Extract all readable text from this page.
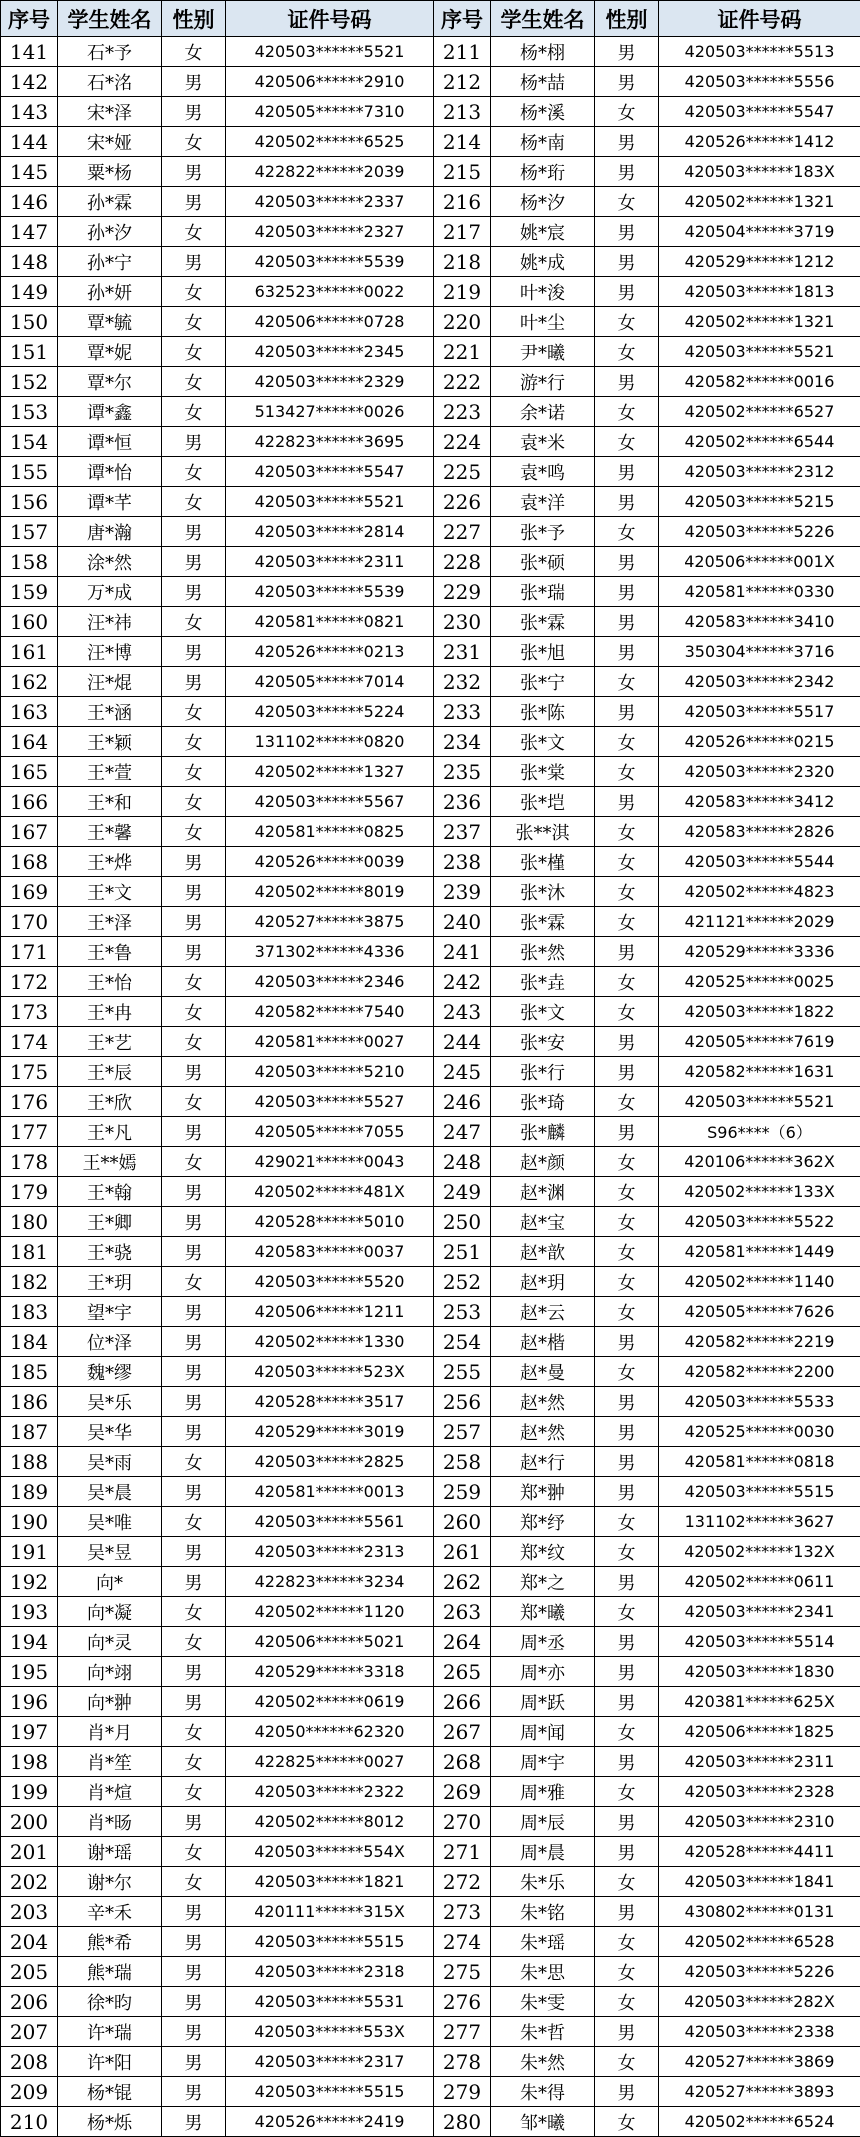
序号	学生姓名	性别	证件号码	序号	学生姓名	性别	证件号码
141	石*予	女	420503******5521	211	杨*栩	男	420503******5513
142	石*洺	男	420506******2910	212	杨*喆	男	420503******5556
143	宋*泽	男	420505******7310	213	杨*溪	女	420503******5547
144	宋*娅	女	420502******6525	214	杨*南	男	420526******1412
145	粟*杨	男	422822******2039	215	杨*珩	男	420503******183X
146	孙*霖	男	420503******2337	216	杨*汐	女	420502******1321
147	孙*汐	女	420503******2327	217	姚*宸	男	420504******3719
148	孙*宁	男	420503******5539	218	姚*成	男	420529******1212
149	孙*妍	女	632523******0022	219	叶*浚	男	420503******1813
150	覃*毓	女	420506******0728	220	叶*尘	女	420502******1321
151	覃*妮	女	420503******2345	221	尹*曦	女	420503******5521
152	覃*尔	女	420503******2329	222	游*行	男	420582******0016
153	谭*鑫	女	513427******0026	223	余*诺	女	420502******6527
154	谭*恒	男	422823******3695	224	袁*米	女	420502******6544
155	谭*怡	女	420503******5547	225	袁*鸣	男	420503******2312
156	谭*芊	女	420503******5521	226	袁*洋	男	420503******5215
157	唐*瀚	男	420503******2814	227	张*予	女	420503******5226
158	涂*然	男	420503******2311	228	张*硕	男	420506******001X
159	万*成	男	420503******5539	229	张*瑞	男	420581******0330
160	汪*祎	女	420581******0821	230	张*霖	男	420583******3410
161	汪*博	男	420526******0213	231	张*旭	男	350304******3716
162	汪*焜	男	420505******7014	232	张*宁	女	420503******2342
163	王*涵	女	420503******5224	233	张*陈	男	420503******5517
164	王*颖	女	131102******0820	234	张*文	女	420526******0215
165	王*萱	女	420502******1327	235	张*棠	女	420503******2320
166	王*和	女	420503******5567	236	张*垲	男	420583******3412
167	王*馨	女	420581******0825	237	张**淇	女	420583******2826
168	王*烨	男	420526******0039	238	张*槿	女	420503******5544
169	王*文	男	420502******8019	239	张*沐	女	420502******4823
170	王*泽	男	420527******3875	240	张*霖	女	421121******2029
171	王*鲁	男	371302******4336	241	张*然	男	420529******3336
172	王*怡	女	420503******2346	242	张*垚	女	420525******0025
173	王*冉	女	420582******7540	243	张*文	女	420503******1822
174	王*艺	女	420581******0027	244	张*安	男	420505******7619
175	王*辰	男	420503******5210	245	张*行	男	420582******1631
176	王*欣	女	420503******5527	246	张*琦	女	420503******5521
177	王*凡	男	420505******7055	247	张*麟	男	S96****（6）
178	王**嫣	女	429021******0043	248	赵*颜	女	420106******362X
179	王*翰	男	420502******481X	249	赵*渊	女	420502******133X
180	王*卿	男	420528******5010	250	赵*宝	女	420503******5522
181	王*骁	男	420583******0037	251	赵*歆	女	420581******1449
182	王*玥	女	420503******5520	252	赵*玥	女	420502******1140
183	望*宇	男	420506******1211	253	赵*云	女	420505******7626
184	位*泽	男	420502******1330	254	赵*楷	男	420582******2219
185	魏*缪	男	420503******523X	255	赵*曼	女	420582******2200
186	吴*乐	男	420528******3517	256	赵*然	男	420503******5533
187	吴*华	男	420529******3019	257	赵*然	男	420525******0030
188	吴*雨	女	420503******2825	258	赵*行	男	420581******0818
189	吴*晨	男	420581******0013	259	郑*翀	男	420503******5515
190	吴*唯	女	420503******5561	260	郑*纾	女	131102******3627
191	吴*昱	男	420503******2313	261	郑*纹	女	420502******132X
192	向*	男	422823******3234	262	郑*之	男	420502******0611
193	向*凝	女	420502******1120	263	郑*曦	女	420503******2341
194	向*灵	女	420506******5021	264	周*丞	男	420503******5514
195	向*翊	男	420529******3318	265	周*亦	男	420503******1830
196	向*翀	男	420502******0619	266	周*跃	男	420381******625X
197	肖*月	女	42050******62320	267	周*闻	女	420506******1825
198	肖*笙	女	422825******0027	268	周*宇	男	420503******2311
199	肖*煊	女	420503******2322	269	周*雅	女	420503******2328
200	肖*旸	男	420502******8012	270	周*辰	男	420503******2310
201	谢*瑶	女	420503******554X	271	周*晨	男	420528******4411
202	谢*尔	女	420503******1821	272	朱*乐	女	420503******1841
203	辛*禾	男	420111******315X	273	朱*铭	男	430802******0131
204	熊*希	男	420503******5515	274	朱*瑶	女	420502******6528
205	熊*瑞	男	420503******2318	275	朱*思	女	420503******5226
206	徐*昀	男	420503******5531	276	朱*雯	女	420503******282X
207	许*瑞	男	420503******553X	277	朱*哲	男	420503******2338
208	许*阳	男	420503******2317	278	朱*然	女	420527******3869
209	杨*锟	男	420503******5515	279	朱*得	男	420527******3893
210	杨*烁	男	420526******2419	280	邹*曦	女	420502******6524
